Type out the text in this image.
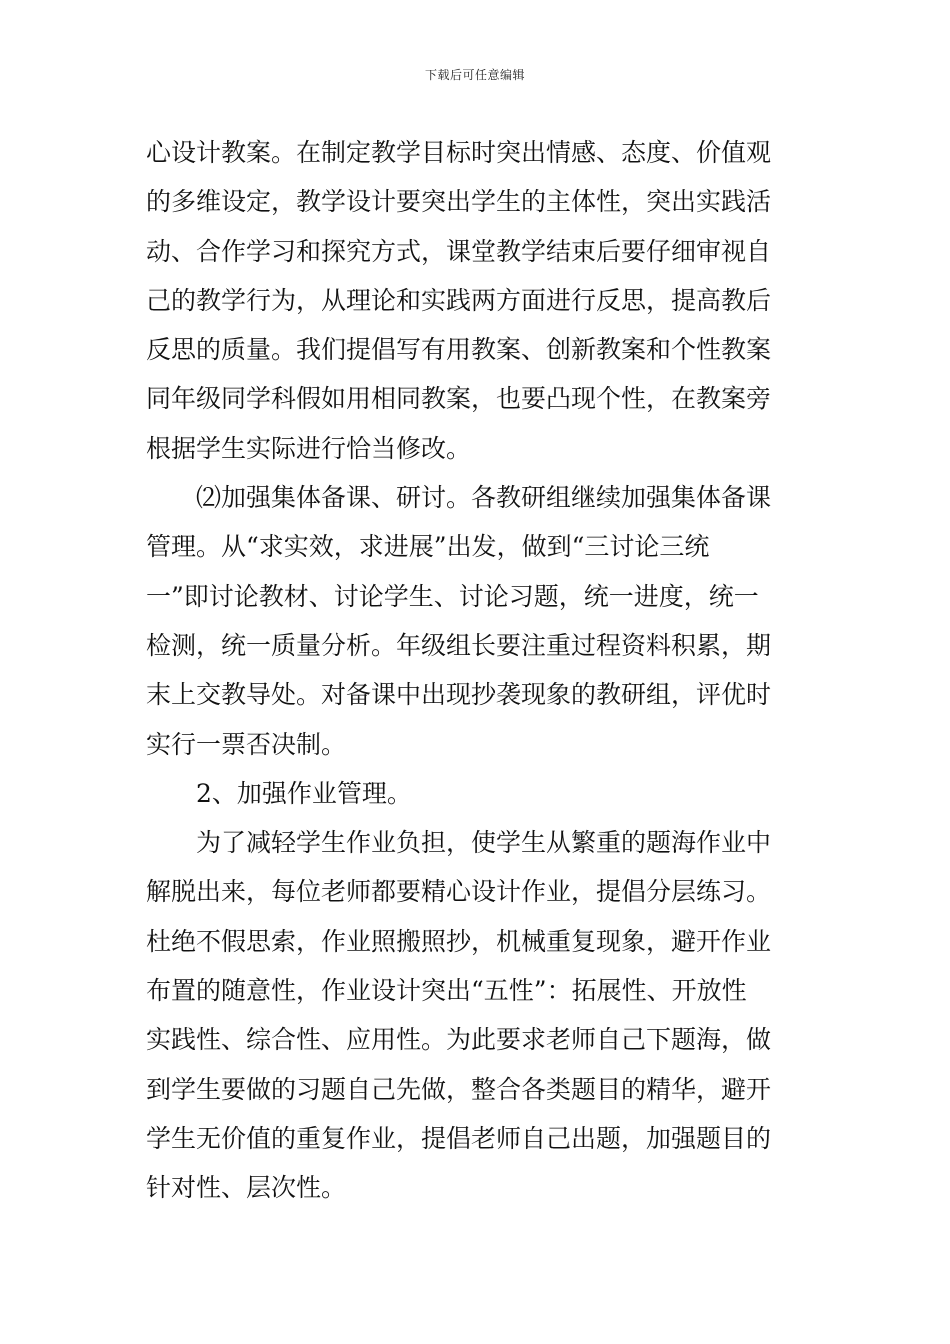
下载后可任意编辑
心设计教案。在制定教学目标时突出情感、态度、价值观
的多维设定，教学设计要突出学生的主体性，突出实践活
动、合作学习和探究方式，课堂教学结束后要仔细审视自
己的教学行为，从理论和实践两方面进行反思，提高教后
反思的质量。我们提倡写有用教案、创新教案和个性教案
同年级同学科假如用相同教案，也要凸现个性，在教案旁
根据学生实际进行恰当修改。
⑵加强集体备课、研讨。各教研组继续加强集体备课
管理。从“求实效，求进展”出发，做到“三讨论三统
一”即讨论教材、讨论学生、讨论习题，统一进度，统一
检测，统一质量分析。年级组长要注重过程资料积累，期
末上交教导处。对备课中出现抄袭现象的教研组，评优时
实行一票否决制。
2、加强作业管理。
为了减轻学生作业负担，使学生从繁重的题海作业中
解脱出来，每位老师都要精心设计作业，提倡分层练习。
杜绝不假思索，作业照搬照抄，机械重复现象，避开作业
布置的随意性，作业设计突出“五性”：拓展性、开放性
实践性、综合性、应用性。为此要求老师自己下题海，做
到学生要做的习题自己先做，整合各类题目的精华，避开
学生无价值的重复作业，提倡老师自己出题，加强题目的
针对性、层次性。
